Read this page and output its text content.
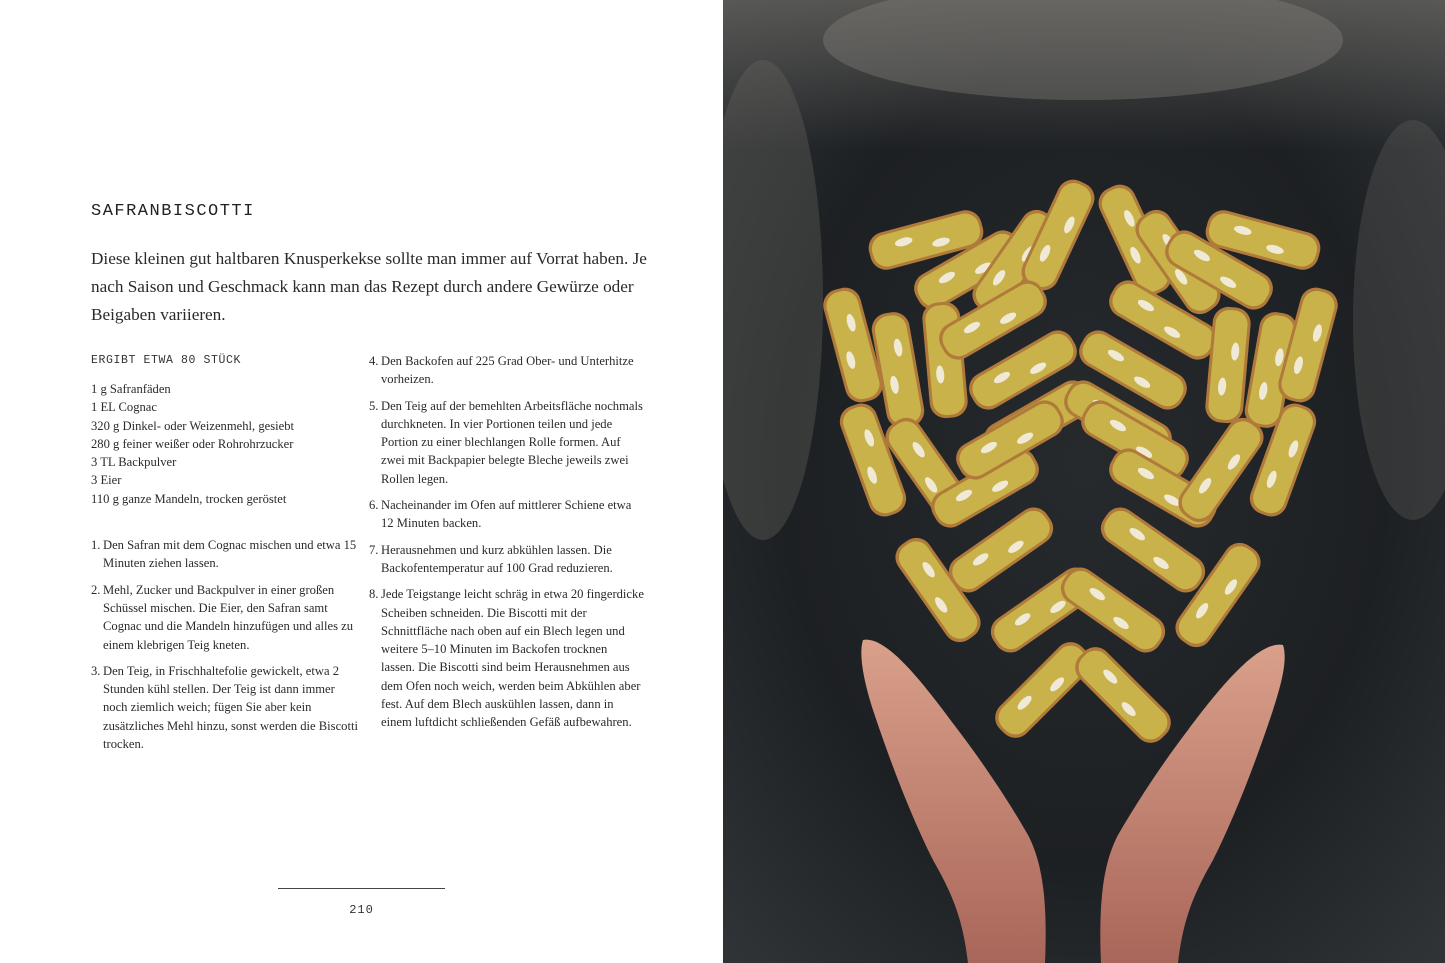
SAFRANBISCOTTI

Diese kleinen gut haltbaren Knusperkekse sollte man immer auf Vorrat haben. Je nach Saison und Geschmack kann man das Rezept durch andere Gewürze oder Beigaben variieren.

ERGIBT ETWA 80 STÜCK

1 g Safranfäden
1 EL Cognac
320 g Dinkel- oder Weizenmehl, gesiebt
280 g feiner weißer oder Rohrohrzucker
3 TL Backpulver
3 Eier
110 g ganze Mandeln, trocken geröstet
1. Den Safran mit dem Cognac mischen und etwa 15 Minuten ziehen lassen.
2. Mehl, Zucker und Backpulver in einer großen Schüssel mischen. Die Eier, den Safran samt Cognac und die Mandeln hinzufügen und alles zu einem klebrigen Teig kneten.
3. Den Teig, in Frischhaltefolie gewickelt, etwa 2 Stunden kühl stellen. Der Teig ist dann immer noch ziemlich weich; fügen Sie aber kein zusätzliches Mehl hinzu, sonst werden die Biscotti trocken.
4. Den Backofen auf 225 Grad Ober- und Unterhitze vorheizen.
5. Den Teig auf der bemehlten Arbeitsfläche nochmals durchkneten. In vier Portionen teilen und jede Portion zu einer blechlangen Rolle formen. Auf zwei mit Backpapier belegte Bleche jeweils zwei Rollen legen.
6. Nacheinander im Ofen auf mittlerer Schiene etwa 12 Minuten backen.
7. Herausnehmen und kurz abkühlen lassen. Die Backofentemperatur auf 100 Grad reduzieren.
8. Jede Teigstange leicht schräg in etwa 20 fingerdicke Scheiben schneiden. Die Biscotti mit der Schnittfläche nach oben auf ein Blech legen und weitere 5–10 Minuten im Backofen trocknen lassen. Die Biscotti sind beim Herausnehmen aus dem Ofen noch weich, werden beim Abkühlen aber fest. Auf dem Blech auskühlen lassen, dann in einem luftdicht schließenden Gefäß aufbewahren.
210
